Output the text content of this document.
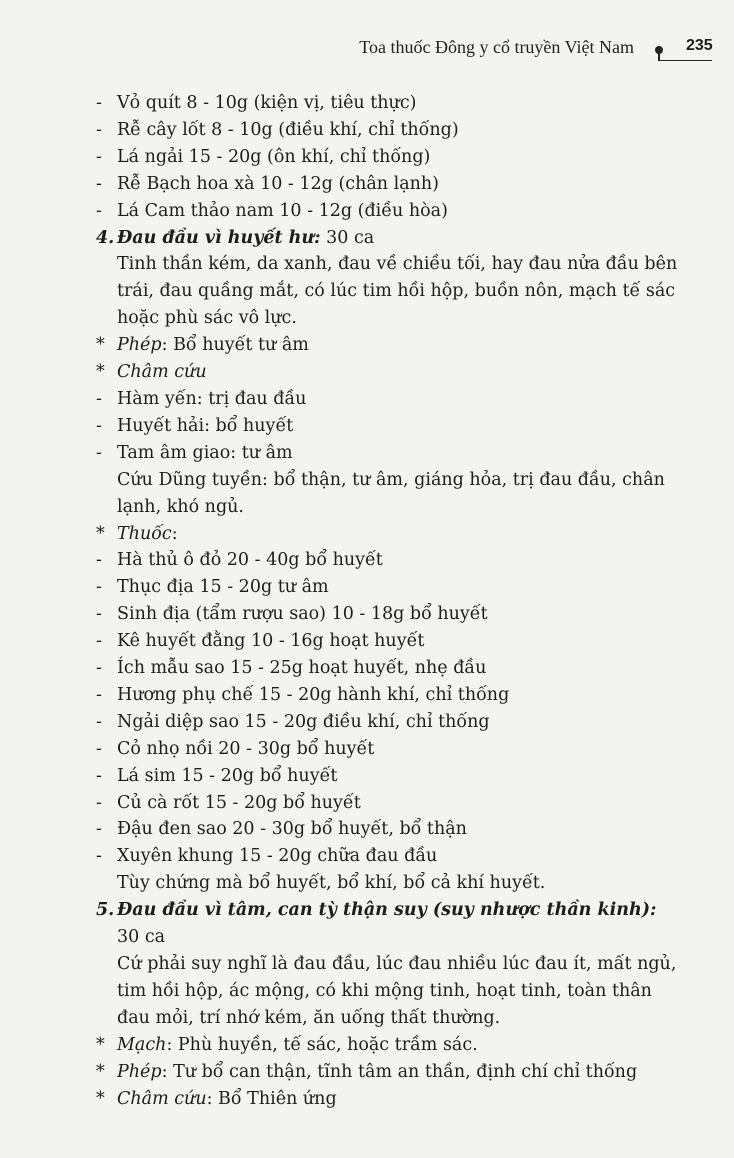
Toa thuốc Đông y cổ truyền Việt Nam	235
- Vỏ quít 8 - 10g (kiện vị, tiêu thực)
- Rễ cây lốt 8 - 10g (điều khí, chỉ thống)
- Lá ngải 15 - 20g (ôn khí, chỉ thống)
- Rễ Bạch hoa xà 10 - 12g (chân lạnh)
- Lá Cam thảo nam 10 - 12g (điều hòa)
4. Đau đầu vì huyết hư: 30 ca
Tinh thần kém, da xanh, đau về chiều tối, hay đau nửa đầu bên trái, đau quầng mắt, có lúc tim hồi hộp, buồn nôn, mạch tế sác hoặc phù sác vô lực.
* Phép: Bổ huyết tư âm
* Châm cứu
- Hàm yến: trị đau đầu
- Huyết hải: bổ huyết
- Tam âm giao: tư âm
Cứu Dũng tuyền: bổ thận, tư âm, giáng hỏa, trị đau đầu, chân lạnh, khó ngủ.
* Thuốc:
- Hà thủ ô đỏ 20 - 40g bổ huyết
- Thục địa 15 - 20g tư âm
- Sinh địa (tẩm rượu sao) 10 - 18g bổ huyết
- Kê huyết đằng 10 - 16g hoạt huyết
- Ích mẫu sao 15 - 25g hoạt huyết, nhẹ đầu
- Hương phụ chế 15 - 20g hành khí, chỉ thống
- Ngải diệp sao 15 - 20g điều khí, chỉ thống
- Cỏ nhọ nồi 20 - 30g bổ huyết
- Lá sim 15 - 20g bổ huyết
- Củ cà rốt 15 - 20g bổ huyết
- Đậu đen sao 20 - 30g bổ huyết, bổ thận
- Xuyên khung 15 - 20g chữa đau đầu
Tùy chứng mà bổ huyết, bổ khí, bổ cả khí huyết.
5. Đau đầu vì tâm, can tỳ thận suy (suy nhược thần kinh):
30 ca
Cứ phải suy nghĩ là đau đầu, lúc đau nhiều lúc đau ít, mất ngủ, tim hồi hộp, ác mộng, có khi mộng tinh, hoạt tinh, toàn thân đau mỏi, trí nhớ kém, ăn uống thất thường.
* Mạch: Phù huyền, tế sác, hoặc trầm sác.
* Phép: Tư bổ can thận, tĩnh tâm an thần, định chí chỉ thống
* Châm cứu: Bổ Thiên ứng
